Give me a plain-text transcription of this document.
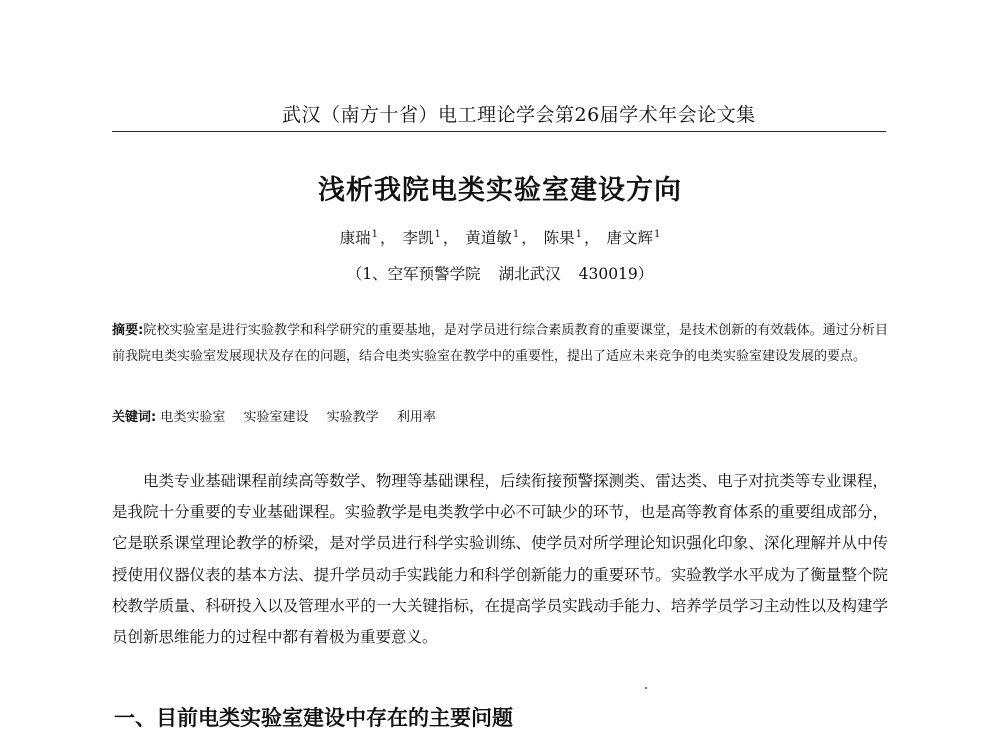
武汉（南方十省）电工理论学会第26届学术年会论文集
浅析我院电类实验室建设方向
康瑞$^1$ ， 李凯$^1$ ， 黄道敏$^1$ ， 陈果$^1$ ， 唐文辉$^1$
（1、空军预警学院 湖北武汉 430019）
摘要:院校实验室是进行实验教学和科学研究的重要基地，是对学员进行综合素质教育的重要课堂，是技术创新的有效载体。通过分析目前我院电类实验室发展现状及存在的问题，结合电类实验室在教学中的重要性，提出了适应未来竞争的电类实验室建设发展的要点。
关键词: 电类实验室 实验室建设 实验教学 利用率
电类专业基础课程前续高等数学、物理等基础课程，后续衔接预警探测类、雷达类、电子对抗类等专业课程，是我院十分重要的专业基础课程。实验教学是电类教学中必不可缺少的环节，也是高等教育体系的重要组成部分，它是联系课堂理论教学的桥梁，是对学员进行科学实验训练、使学员对所学理论知识强化印象、深化理解并从中传授使用仪器仪表的基本方法、提升学员动手实践能力和科学创新能力的重要环节。实验教学水平成为了衡量整个院校教学质量、科研投入以及管理水平的一大关键指标，在提高学员实践动手能力、培养学员学习主动性以及构建学员创新思维能力的过程中都有着极为重要意义。
一、目前电类实验室建设中存在的主要问题
